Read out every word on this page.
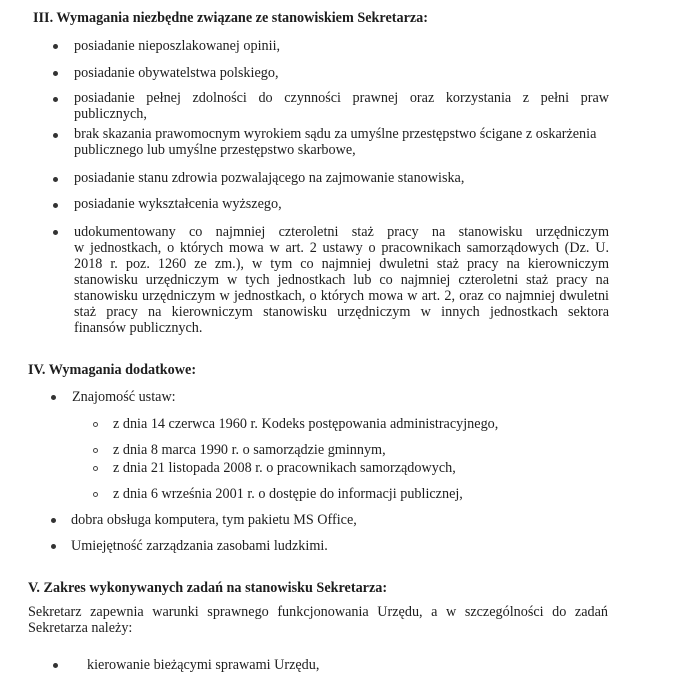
III. Wymagania niezbędne związane ze stanowiskiem Sekretarza:
posiadanie nieposzlakowanej opinii,
posiadanie obywatelstwa polskiego,
posiadanie pełnej zdolności do czynności prawnej oraz korzystania z pełni praw
publicznych,
brak skazania prawomocnym wyrokiem sądu za umyślne przestępstwo ścigane z oskarżenia
publicznego lub umyślne przestępstwo skarbowe,
posiadanie stanu zdrowia pozwalającego na zajmowanie stanowiska,
posiadanie wykształcenia wyższego,
udokumentowany co najmniej czteroletni staż pracy na stanowisku urzędniczym
w jednostkach, o których mowa w art. 2 ustawy o pracownikach samorządowych (Dz. U.
2018 r. poz. 1260 ze zm.), w tym co najmniej dwuletni staż pracy na kierowniczym
stanowisku urzędniczym w tych jednostkach lub co najmniej czteroletni staż pracy na
stanowisku urzędniczym w jednostkach, o których mowa w art. 2, oraz co najmniej dwuletni
staż pracy na kierowniczym stanowisku urzędniczym w innych jednostkach sektora
finansów publicznych.
IV. Wymagania dodatkowe:
Znajomość ustaw:
z dnia 14 czerwca 1960 r. Kodeks postępowania administracyjnego,
z dnia 8 marca 1990 r. o samorządzie gminnym,
z dnia 21 listopada 2008 r. o pracownikach samorządowych,
z dnia 6 września 2001 r. o dostępie do informacji publicznej,
dobra obsługa komputera, tym pakietu MS Office,
Umiejętność zarządzania zasobami ludzkimi.
V. Zakres wykonywanych zadań na stanowisku Sekretarza:
Sekretarz zapewnia warunki sprawnego funkcjonowania Urzędu, a w szczególności do zadań
Sekretarza należy:
kierowanie bieżącymi sprawami Urzędu,
